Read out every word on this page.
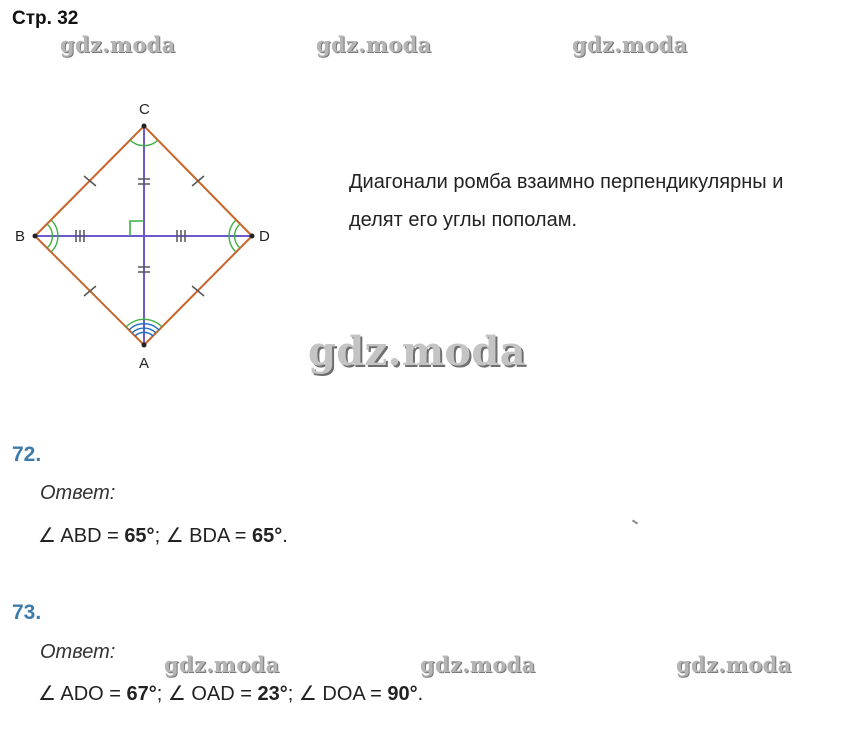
Стр. 32
gdz.moda	gdz.moda	gdz.moda
C
B	D
A
Диагонали ромба взаимно перпендикулярны и
делят его углы пополам.
gdz.moda
72.
Ответ:
∠ ABD = 65°; ∠ BDA = 65°.
73.
Ответ: gdz.moda	gdz.moda	gdz.moda
∠ ADO = 67°; ∠ OAD = 23°; ∠ DOA = 90°.
